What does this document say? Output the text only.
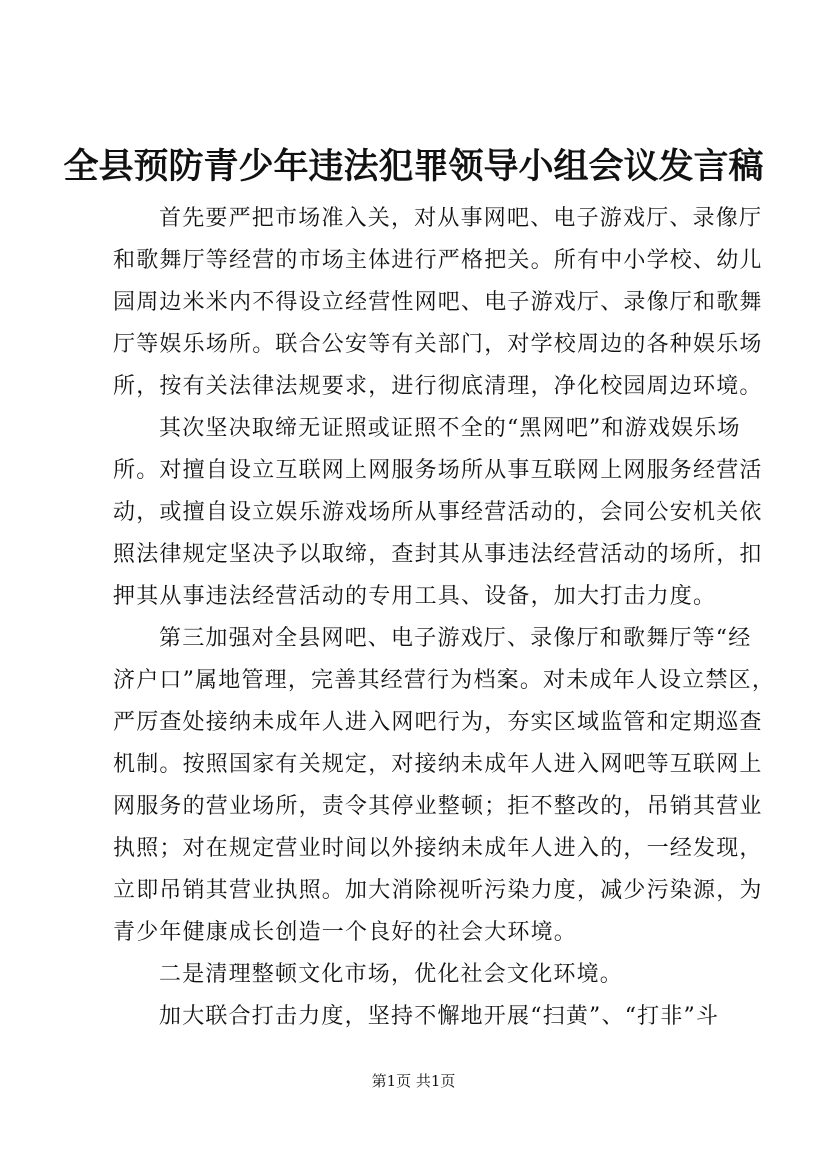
全县预防青少年违法犯罪领导小组会议发言稿
首先要严把市场准入关，对从事网吧、电子游戏厅、录像厅
和歌舞厅等经营的市场主体进行严格把关。所有中小学校、幼儿
园周边米米内不得设立经营性网吧、电子游戏厅、录像厅和歌舞
厅等娱乐场所。联合公安等有关部门，对学校周边的各种娱乐场
所，按有关法律法规要求，进行彻底清理，净化校园周边环境。
其次坚决取缔无证照或证照不全的“黑网吧”和游戏娱乐场
所。对擅自设立互联网上网服务场所从事互联网上网服务经营活
动，或擅自设立娱乐游戏场所从事经营活动的，会同公安机关依
照法律规定坚决予以取缔，查封其从事违法经营活动的场所，扣
押其从事违法经营活动的专用工具、设备，加大打击力度。
第三加强对全县网吧、电子游戏厅、录像厅和歌舞厅等“经
济户口”属地管理，完善其经营行为档案。对未成年人设立禁区，
严厉查处接纳未成年人进入网吧行为，夯实区域监管和定期巡查
机制。按照国家有关规定，对接纳未成年人进入网吧等互联网上
网服务的营业场所，责令其停业整顿；拒不整改的，吊销其营业
执照；对在规定营业时间以外接纳未成年人进入的，一经发现，
立即吊销其营业执照。加大消除视听污染力度，减少污染源，为
青少年健康成长创造一个良好的社会大环境。
二是清理整顿文化市场，优化社会文化环境。
加大联合打击力度，坚持不懈地开展“扫黄”、“打非”斗
第1页 共1页
